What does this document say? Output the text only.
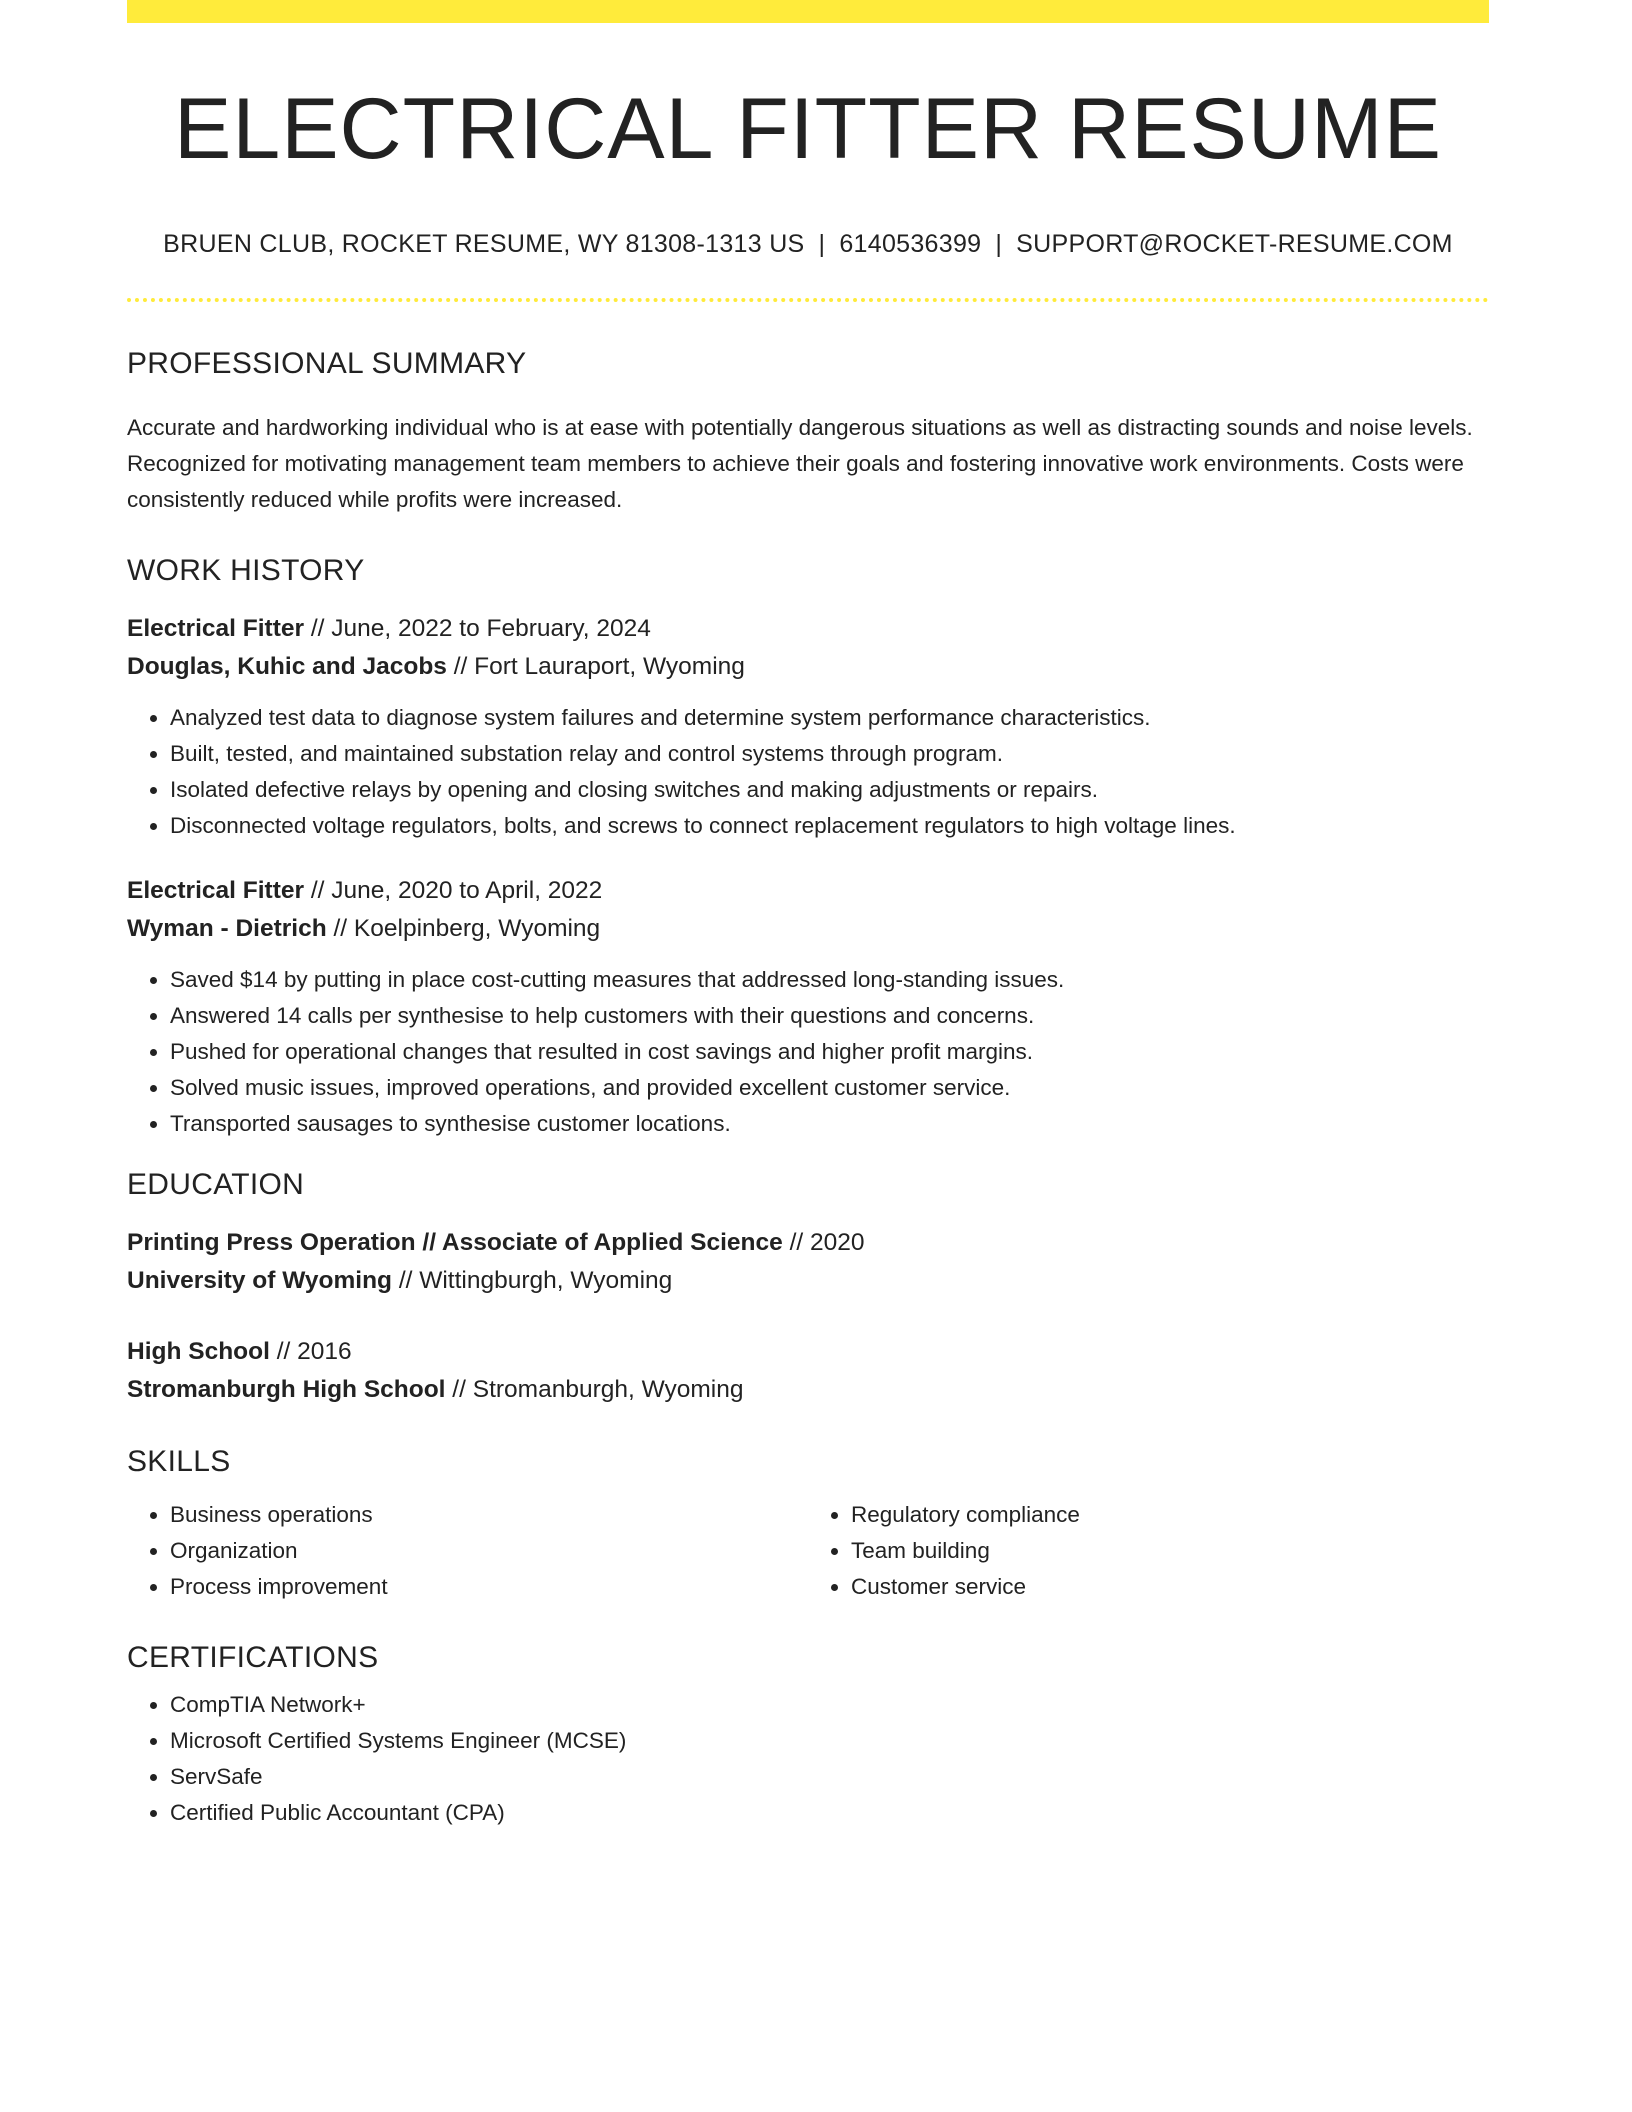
ELECTRICAL FITTER RESUME
BRUEN CLUB, ROCKET RESUME, WY 81308-1313 US | 6140536399 | SUPPORT@ROCKET-RESUME.COM
PROFESSIONAL SUMMARY

Accurate and hardworking individual who is at ease with potentially dangerous situations as well as distracting sounds and noise levels. Recognized for motivating management team members to achieve their goals and fostering innovative work environments. Costs were consistently reduced while profits were increased.

WORK HISTORY

Electrical Fitter // June, 2022 to February, 2024

Douglas, Kuhic and Jacobs // Fort Lauraport, Wyoming

• Analyzed test data to diagnose system failures and determine system performance characteristics.
• Built, tested, and maintained substation relay and control systems through program.
• Isolated defective relays by opening and closing switches and making adjustments or repairs.
• Disconnected voltage regulators, bolts, and screws to connect replacement regulators to high voltage lines.

Electrical Fitter // June, 2020 to April, 2022

Wyman - Dietrich // Koelpinberg, Wyoming

• Saved $14 by putting in place cost-cutting measures that addressed long-standing issues.
• Answered 14 calls per synthesise to help customers with their questions and concerns.
• Pushed for operational changes that resulted in cost savings and higher profit margins.
• Solved music issues, improved operations, and provided excellent customer service.
• Transported sausages to synthesise customer locations.
EDUCATION

Printing Press Operation // Associate of Applied Science // 2020

University of Wyoming // Wittingburgh, Wyoming

High School // 2016

Stromanburgh High School // Stromanburgh, Wyoming

SKILLS
• Business operations
• Organization
• Process improvement
• Regulatory compliance
• Team building
• Customer service
CERTIFICATIONS
• CompTIA Network+
• Microsoft Certified Systems Engineer (MCSE)
• ServSafe
• Certified Public Accountant (CPA)
